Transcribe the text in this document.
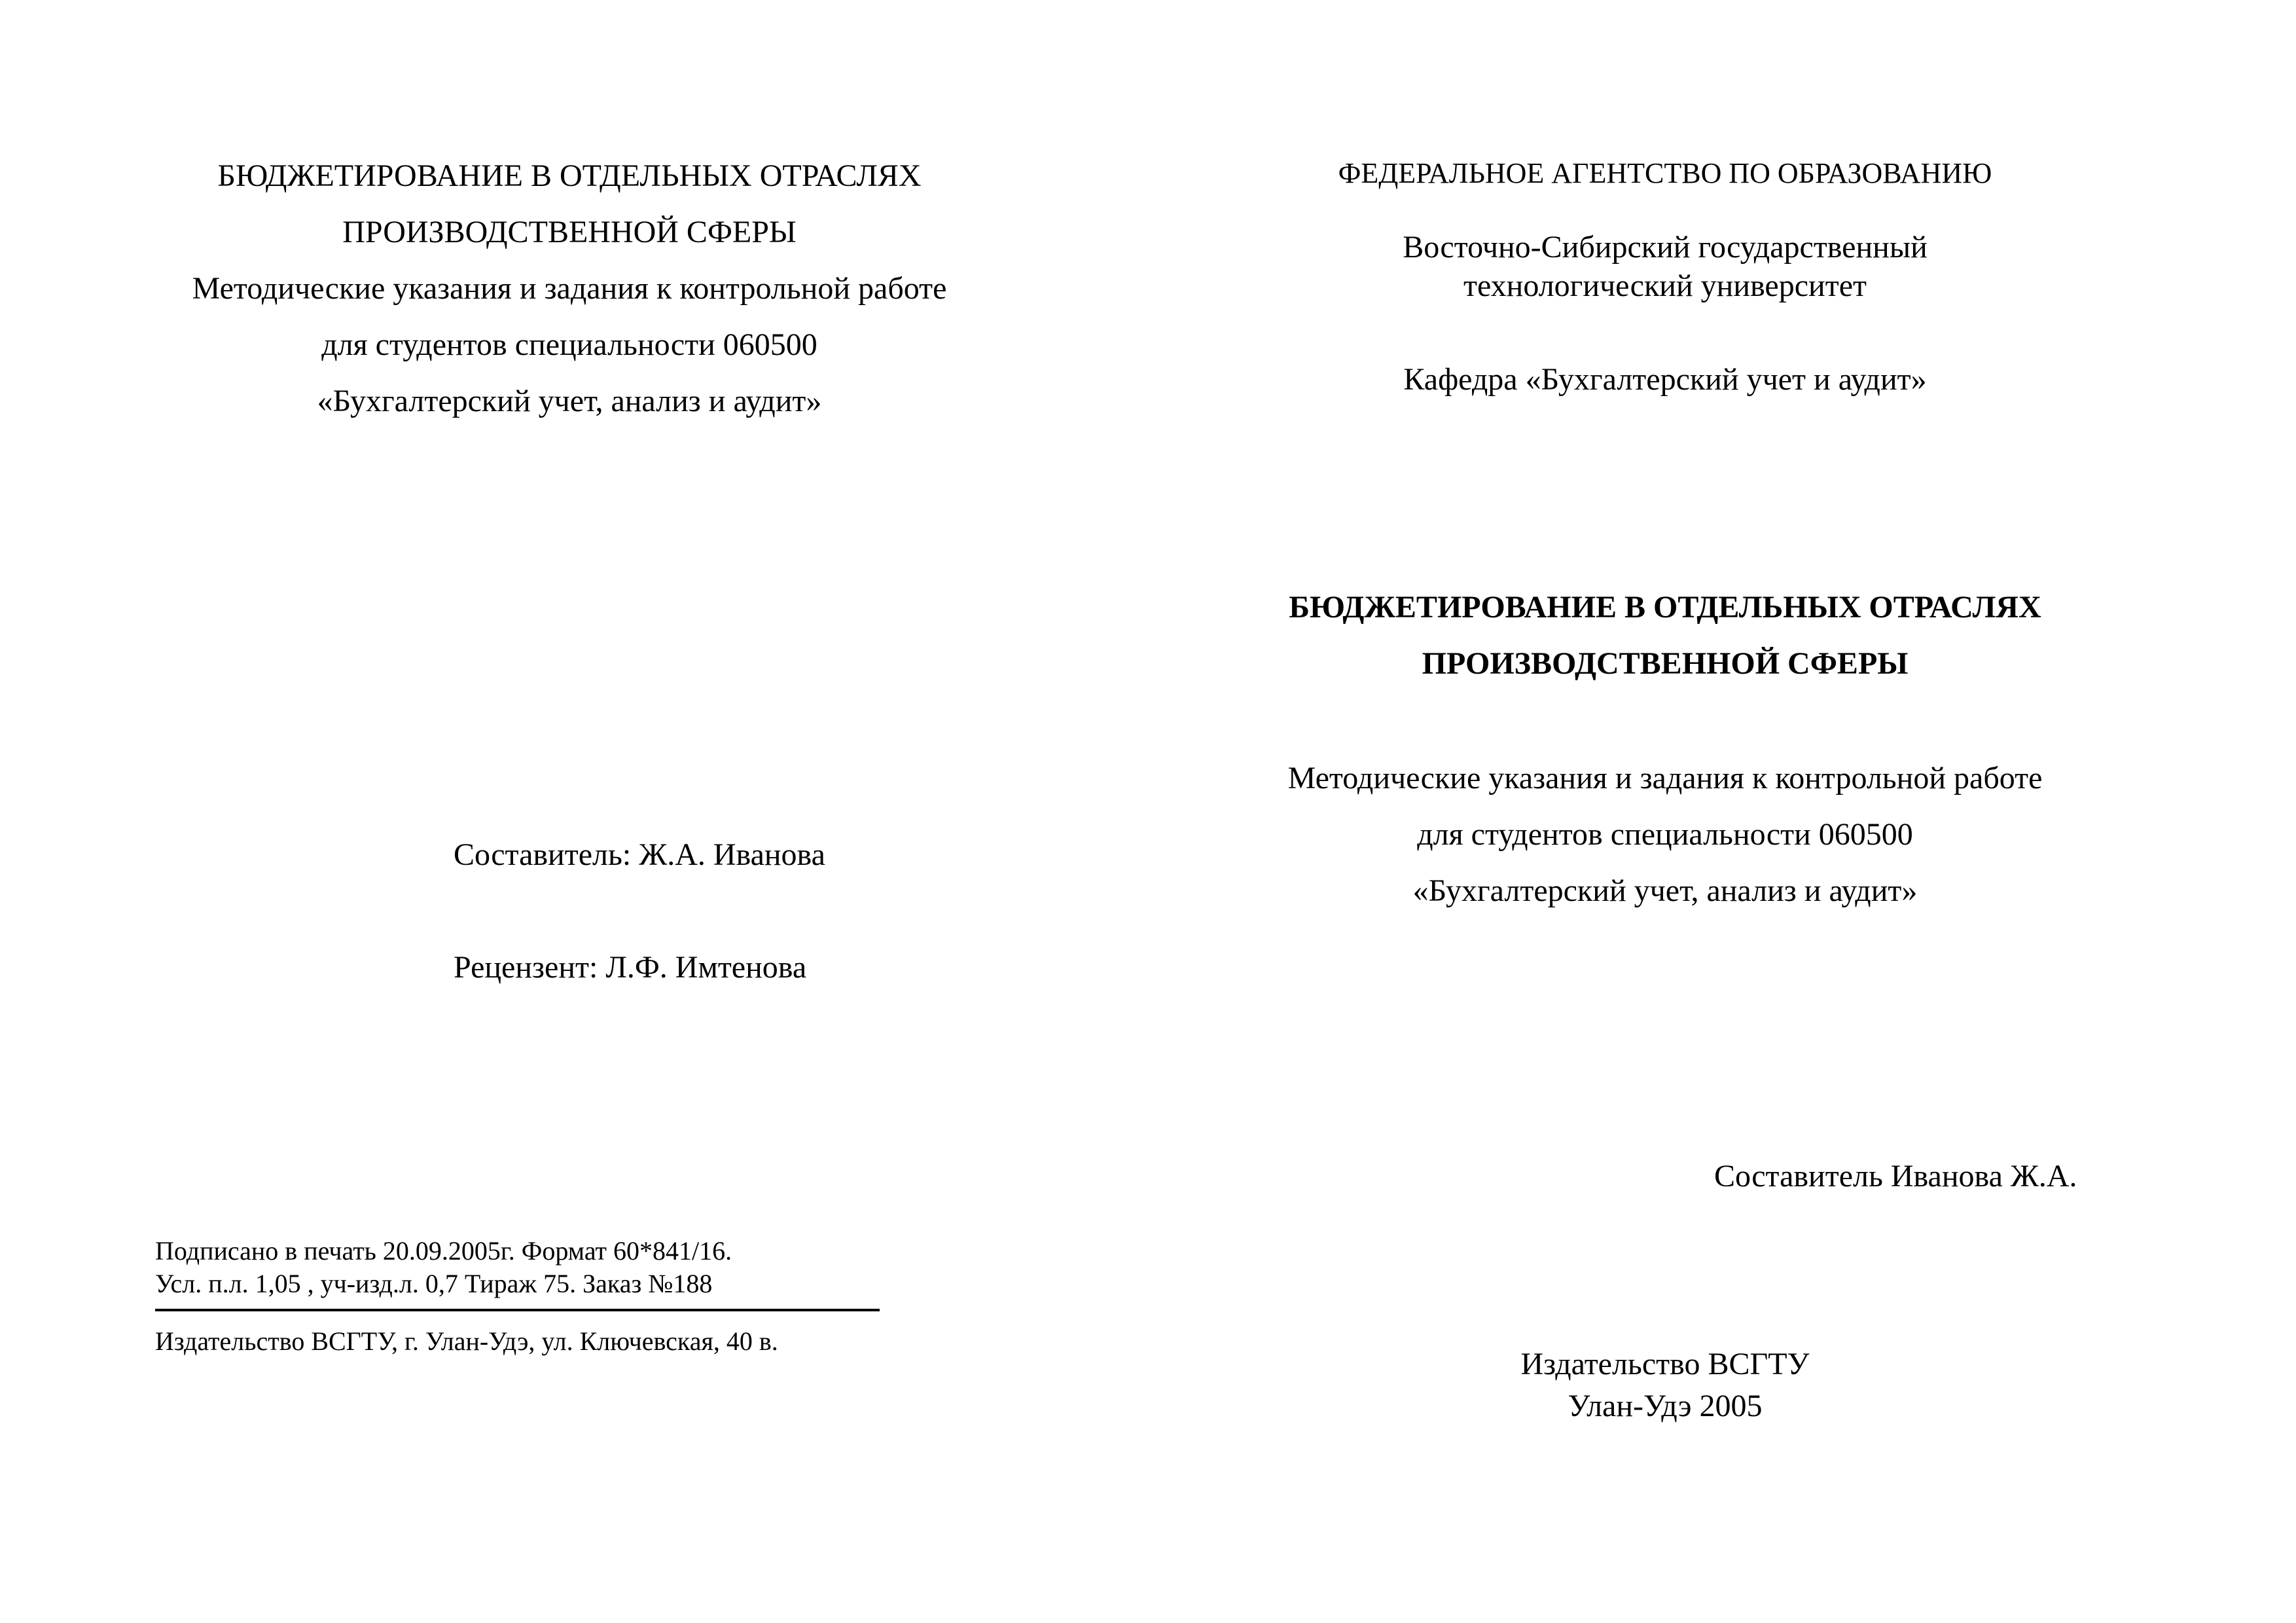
БЮДЖЕТИРОВАНИЕ В ОТДЕЛЬНЫХ ОТРАСЛЯХ
ПРОИЗВОДСТВЕННОЙ СФЕРЫ
Методические указания и задания к контрольной работе
для студентов специальности 060500
«Бухгалтерский учет, анализ и аудит»
Составитель: Ж.А. Иванова
Рецензент: Л.Ф. Имтенова
Подписано в печать 20.09.2005г. Формат 60*841/16.
Усл. п.л. 1,05 , уч-изд.л. 0,7 Тираж 75. Заказ №188
Издательство ВСГТУ, г. Улан-Удэ, ул. Ключевская, 40 в.
ФЕДЕРАЛЬНОЕ АГЕНТСТВО ПО ОБРАЗОВАНИЮ
Восточно-Сибирский государственный
технологический университет
Кафедра «Бухгалтерский учет и аудит»
БЮДЖЕТИРОВАНИЕ В ОТДЕЛЬНЫХ ОТРАСЛЯХ
ПРОИЗВОДСТВЕННОЙ СФЕРЫ
Методические указания и задания к контрольной работе
для студентов специальности 060500
«Бухгалтерский учет, анализ и аудит»
Составитель Иванова Ж.А.
Издательство ВСГТУ
Улан-Удэ 2005
